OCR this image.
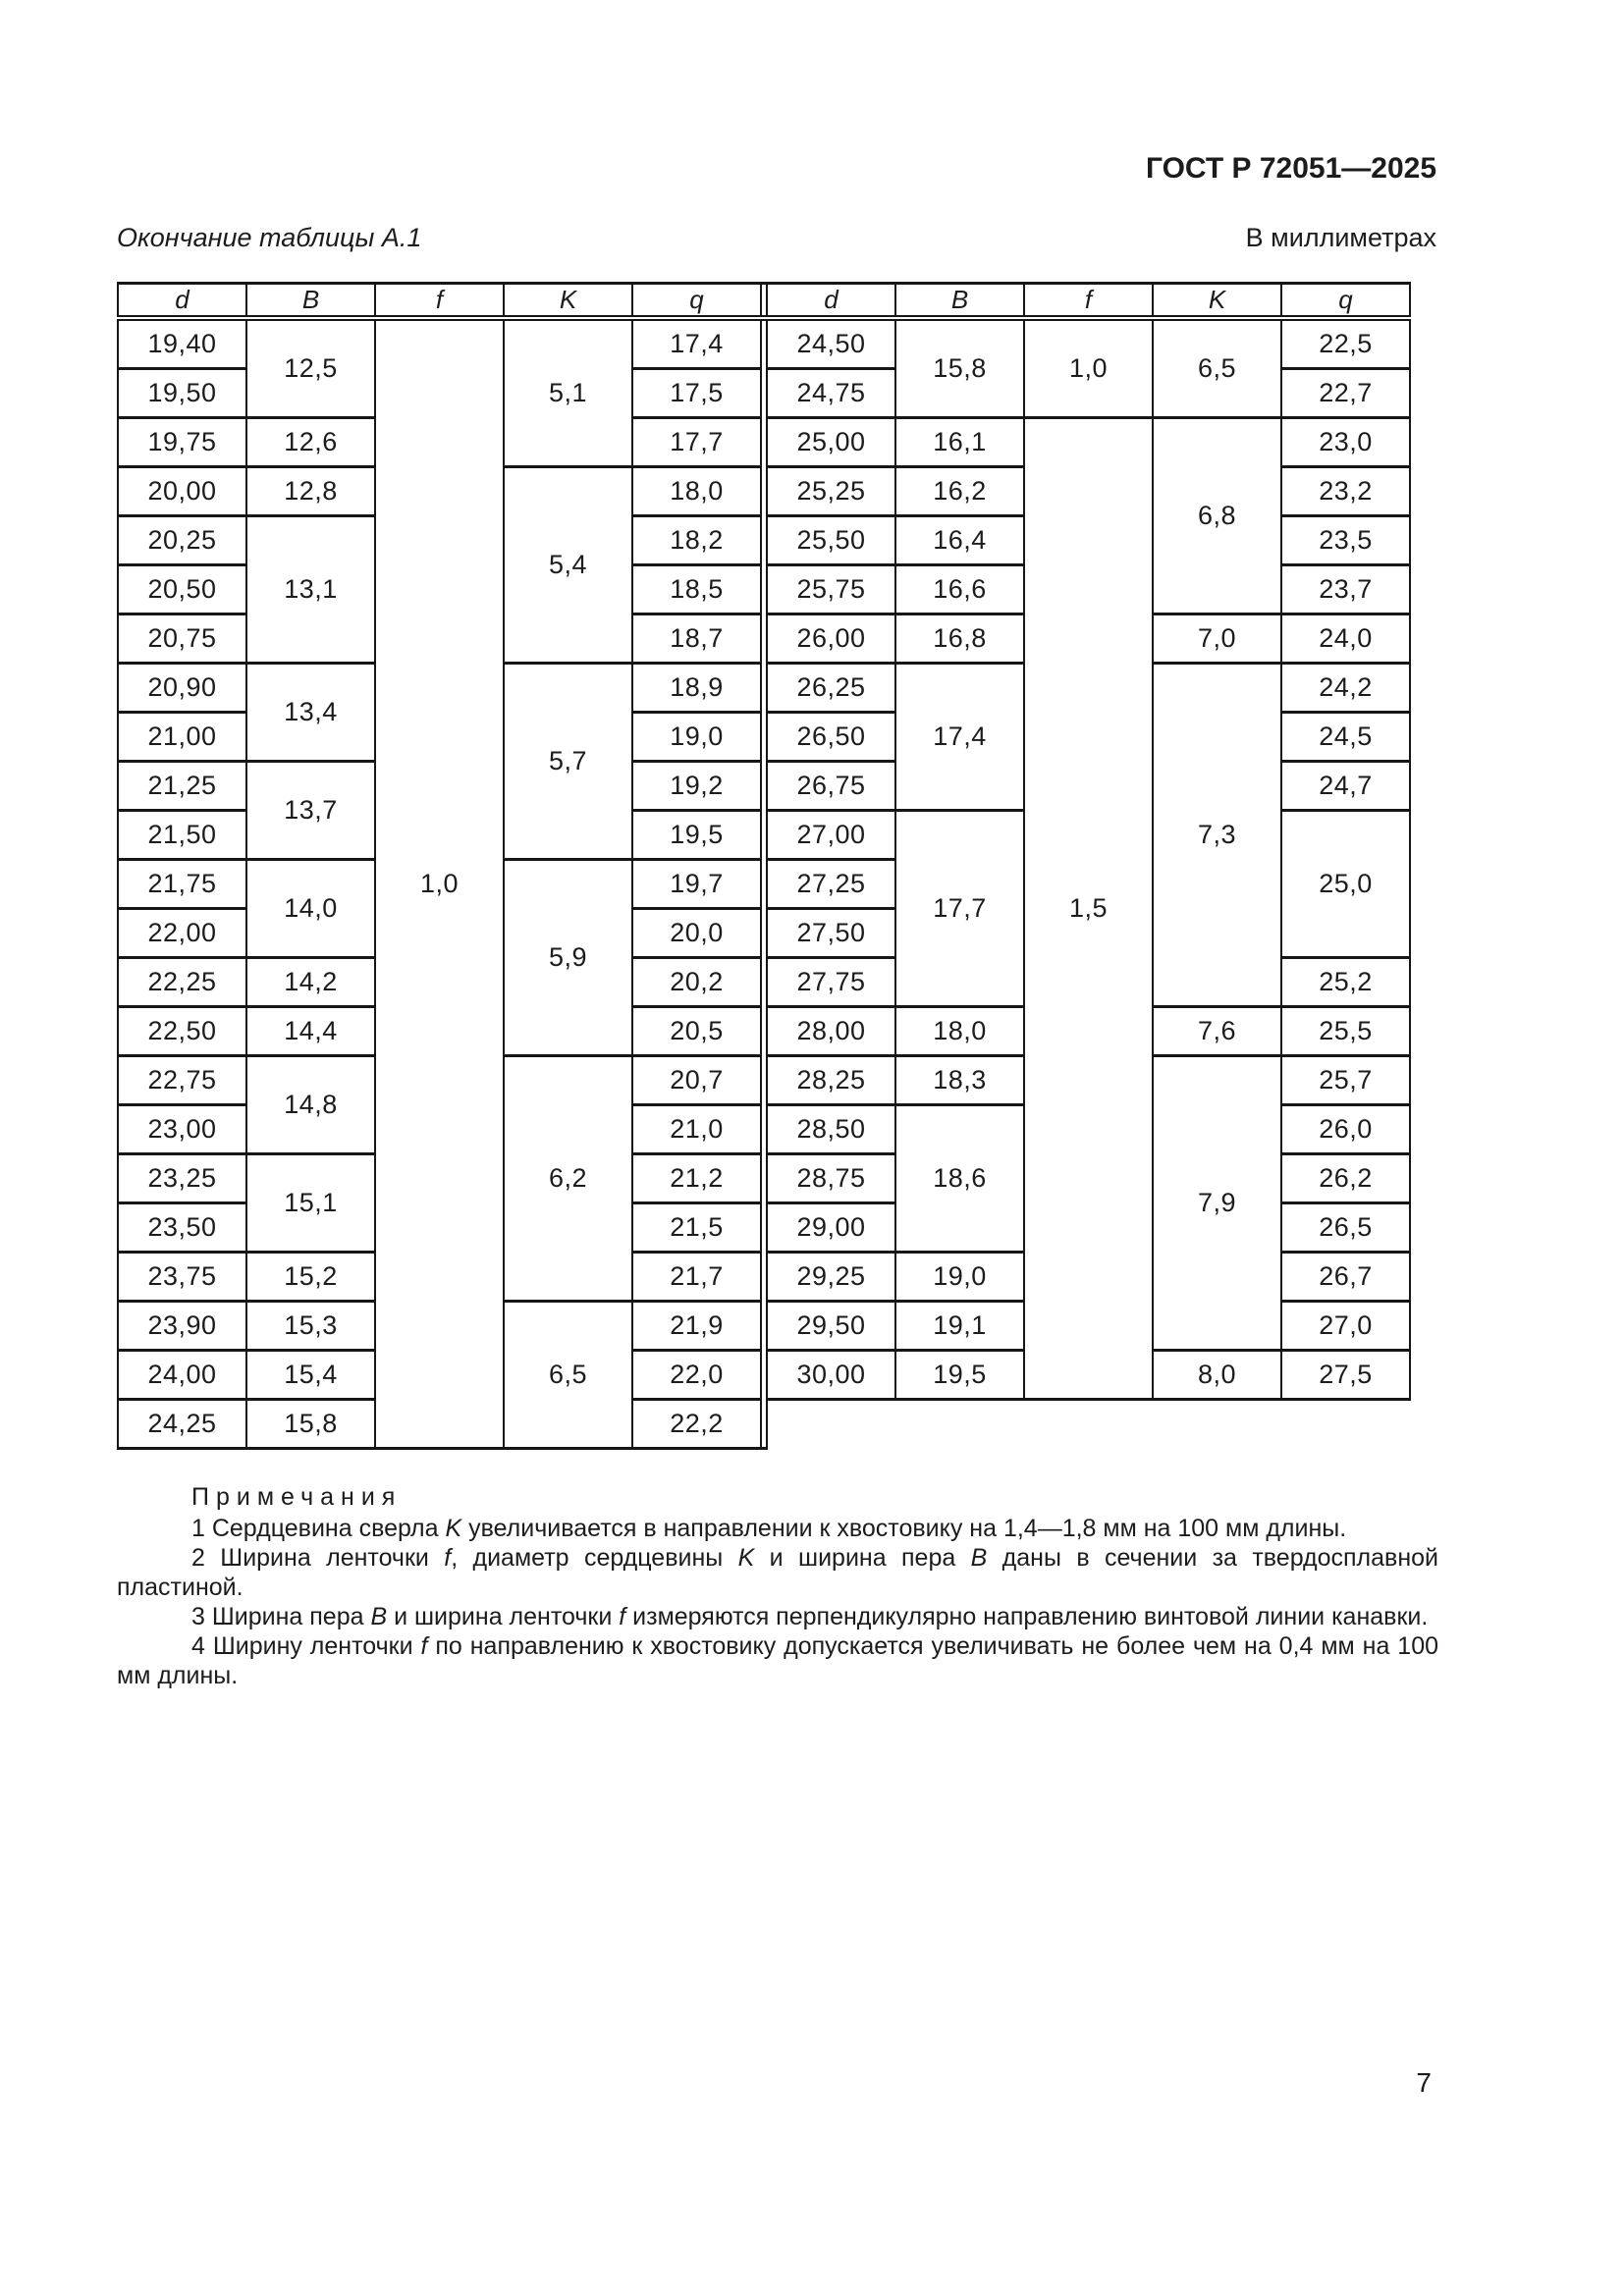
ГОСТ Р 72051—2025
Окончание таблицы А.1	В миллиметрах
d	B	f	K	q		d	B	f	K	q
19,40	12,5	1,0	5,1	17,4		24,50	15,8	1,0	6,5	22,5
19,50				17,5		24,75				22,7
19,75	12,6			17,7		25,00	16,1	1,5	6,8	23,0
20,00	12,8		5,4	18,0		25,25	16,2			23,2
20,25	13,1			18,2		25,50	16,4			23,5
20,50				18,5		25,75	16,6			23,7
20,75				18,7		26,00	16,8		7,0	24,0
20,90	13,4		5,7	18,9		26,25	17,4		7,3	24,2
21,00				19,0		26,50				24,5
21,25	13,7			19,2		26,75				24,7
21,50				19,5		27,00	17,7			25,0
21,75	14,0		5,9	19,7		27,25				
22,00				20,0		27,50				
22,25	14,2			20,2		27,75				25,2
22,50	14,4			20,5		28,00	18,0		7,6	25,5
22,75	14,8		6,2	20,7		28,25	18,3		7,9	25,7
23,00				21,0		28,50	18,6			26,0
23,25	15,1			21,2		28,75				26,2
23,50				21,5		29,00				26,5
23,75	15,2			21,7		29,25	19,0			26,7
23,90	15,3		6,5	21,9		29,50	19,1			27,0
24,00	15,4			22,0		30,00	19,5		8,0	27,5
24,25	15,8			22,2						

Примечания

1 Сердцевина сверла K увеличивается в направлении к хвостовику на 1,4—1,8 мм на 100 мм длины.

2 Ширина ленточки f, диаметр сердцевины K и ширина пера B даны в сечении за твердосплавной пластиной.

3 Ширина пера B и ширина ленточки f измеряются перпендикулярно направлению винтовой линии канавки.

4 Ширину ленточки f по направлению к хвостовику допускается увеличивать не более чем на 0,4 мм на 100 мм длины.

7
